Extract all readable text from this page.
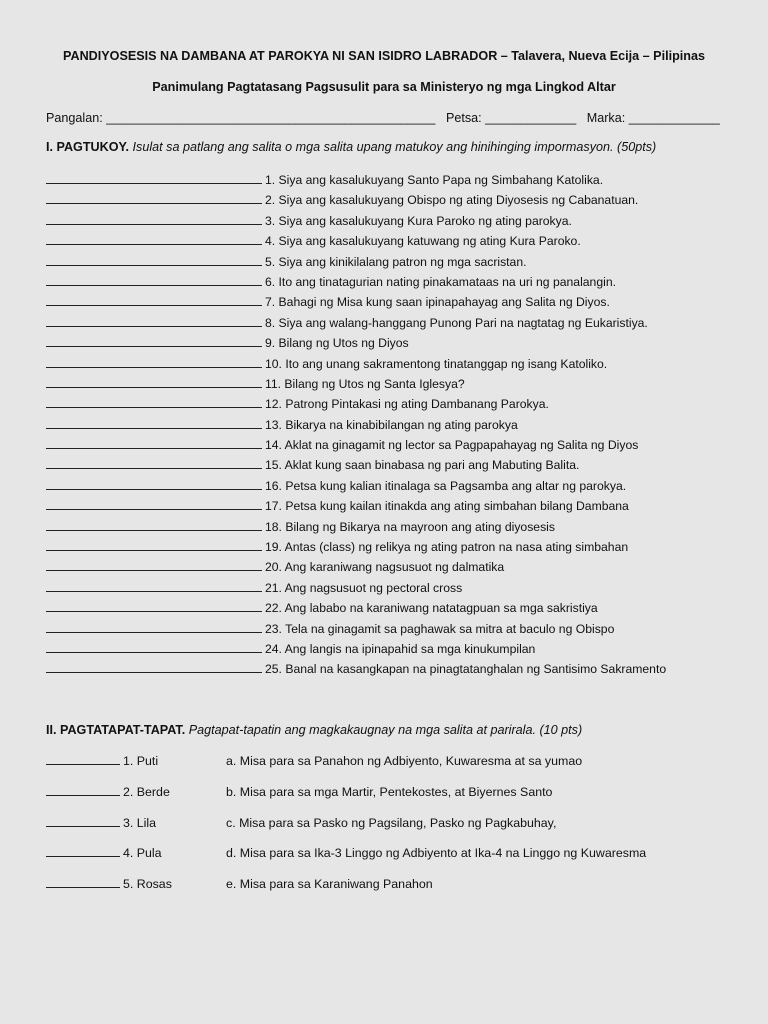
PANDIYOSESIS NA DAMBANA AT PAROKYA NI SAN ISIDRO LABRADOR – Talavera, Nueva Ecija – Pilipinas
Panimulang Pagtatasang Pagsusulit para sa Ministeryo ng mga Lingkod Altar
Pangalan: _______________________________________________ Petsa: _____________ Marka: _____________
I. PAGTUKOY. Isulat sa patlang ang salita o mga salita upang matukoy ang hinihinging impormasyon. (50pts)
1. Siya ang kasalukuyang Santo Papa ng Simbahang Katolika.
2. Siya ang kasalukuyang Obispo ng ating Diyosesis ng Cabanatuan.
3. Siya ang kasalukuyang Kura Paroko ng ating parokya.
4. Siya ang kasalukuyang katuwang ng ating Kura Paroko.
5. Siya ang kinikilalang patron ng mga sacristan.
6. Ito ang tinatagurian nating pinakamataas na uri ng panalangin.
7. Bahagi ng Misa kung saan ipinapahayag ang Salita ng Diyos.
8. Siya ang walang-hanggang Punong Pari na nagtatag ng Eukaristiya.
9. Bilang ng Utos ng Diyos
10. Ito ang unang sakramentong tinatanggap ng isang Katoliko.
11. Bilang ng Utos ng Santa Iglesya?
12. Patrong Pintakasi ng ating Dambanang Parokya.
13. Bikarya na kinabibilangan ng ating parokya
14. Aklat na ginagamit ng lector sa Pagpapahayag ng Salita ng Diyos
15. Aklat kung saan binabasa ng pari ang Mabuting Balita.
16. Petsa kung kalian itinalaga sa Pagsamba ang altar ng parokya.
17. Petsa kung kailan itinakda ang ating simbahan bilang Dambana
18. Bilang ng Bikarya na mayroon ang ating diyosesis
19. Antas (class) ng relikya ng ating patron na nasa ating simbahan
20. Ang karaniwang nagsusuot ng dalmatika
21. Ang nagsusuot ng pectoral cross
22. Ang lababo na karaniwang natatagpuan sa mga sakristiya
23. Tela na ginagamit sa paghawak sa mitra at baculo ng Obispo
24. Ang langis na ipinapahid sa mga kinukumpilan
25. Banal na kasangkapan na pinagtatanghalan ng Santisimo Sakramento
II. PAGTATAPAT-TAPAT. Pagtapat-tapatin ang magkakaugnay na mga salita at parirala. (10 pts)
1. Puti	a. Misa para sa Panahon ng Adbiyento, Kuwaresma at sa yumao
2. Berde	b. Misa para sa mga Martir, Pentekostes, at Biyernes Santo
3. Lila	c. Misa para sa Pasko ng Pagsilang, Pasko ng Pagkabuhay,
4. Pula	d. Misa para sa Ika-3 Linggo ng Adbiyento at Ika-4 na Linggo ng Kuwaresma
5. Rosas	e. Misa para sa Karaniwang Panahon
